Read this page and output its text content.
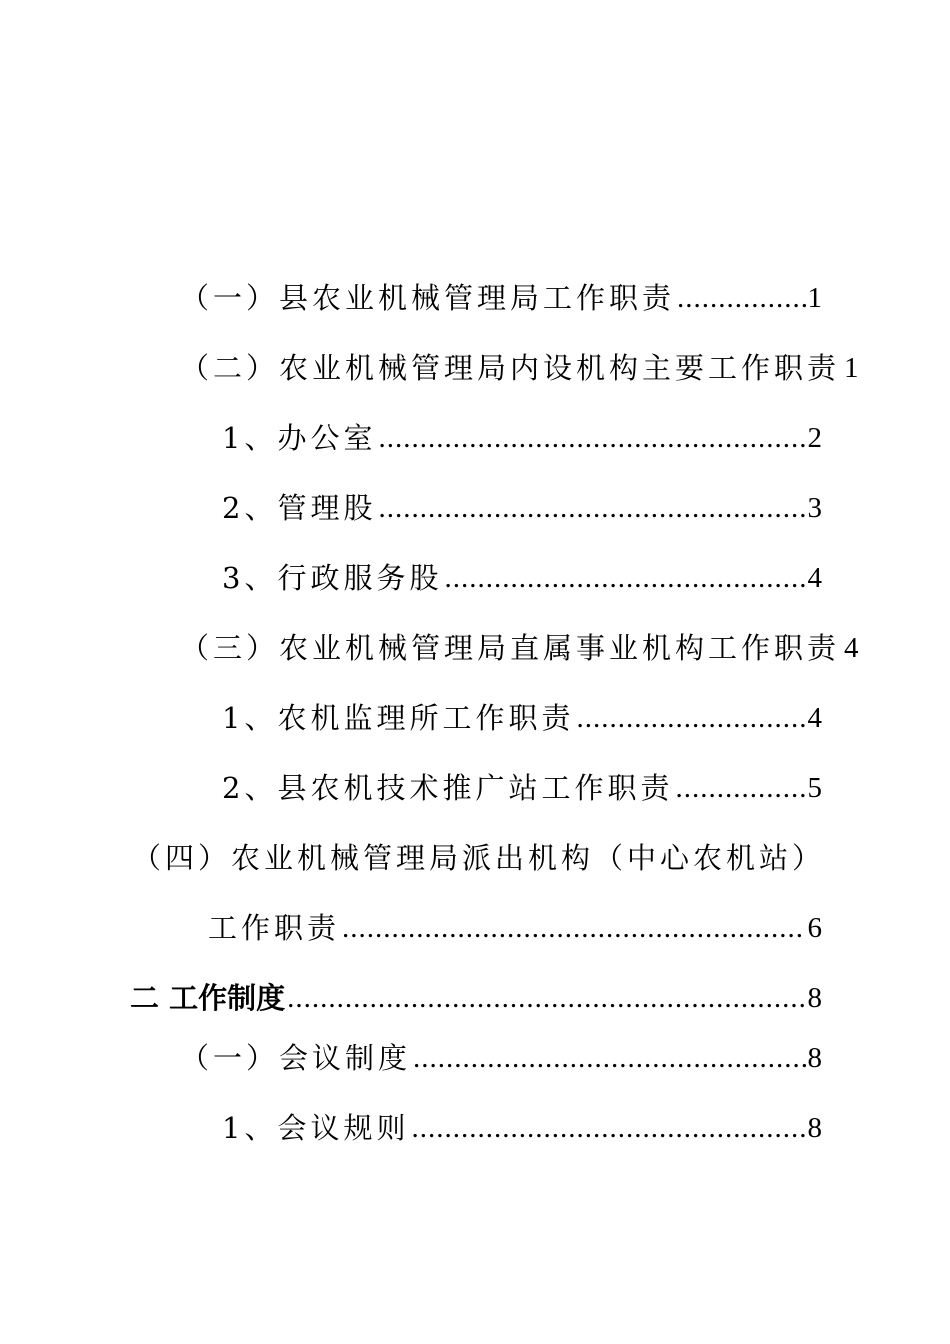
（一）县农业机械管理局工作职责 .....	1
（二）农业机械管理局内设机构主要工作职责 1
1、办公室 .....	2
2、管理股 .....	3
3、行政服务股 .....	4
（三）农业机械管理局直属事业机构工作职责 4
1、农机监理所工作职责 .....	4
2、县农机技术推广站工作职责 .....	5
（四）农业机械管理局派出机构（中心农机站）
工作职责 .....	6
二 工作制度 .....	8
（一）会议制度 .....	8
1、会议规则 .....	8
